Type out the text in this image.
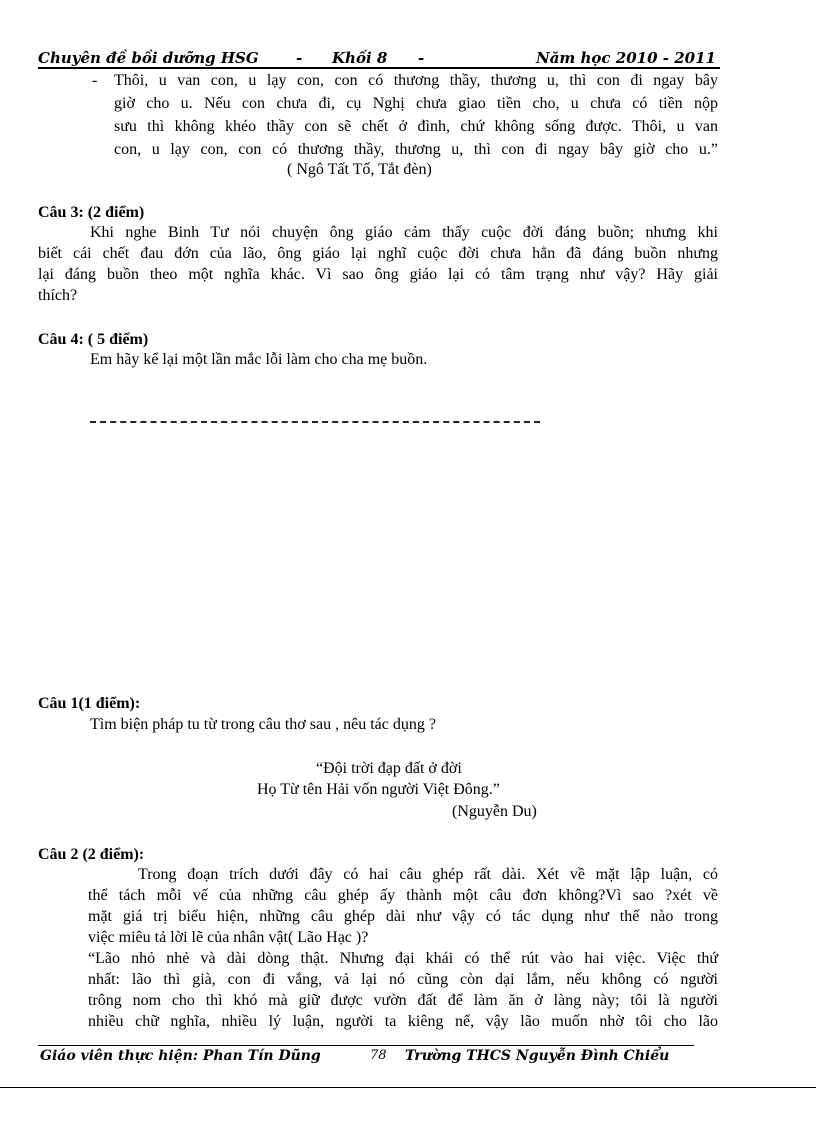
Chuyên đề bồi dưỡng HSG - Khối 8 -	Năm học 2010 - 2011
- Thôi, u van con, u lạy con, con có thương thầy, thương u, thì con đi ngay bây
giờ cho u. Nếu con chưa đi, cụ Nghị chưa giao tiền cho, u chưa có tiền nộp
sưu thì không khéo thầy con sẽ chết ở đình, chứ không sống được. Thôi, u van
con, u lạy con, con có thương thầy, thương u, thì con đi ngay bây giờ cho u.”
( Ngô Tất Tố, Tắt đèn)
Câu 3: (2 điểm)
Khi nghe Binh Tư nói chuyện ông giáo cảm thấy cuộc đời đáng buồn; nhưng khi
biết cái chết đau đớn của lão, ông giáo lại nghĩ cuộc đời chưa hẳn đã đáng buồn nhưng
lại đáng buồn theo một nghĩa khác. Vì sao ông giáo lại có tâm trạng như vậy? Hãy giải
thích?
Câu 4: ( 5 điểm)
Em hãy kể lại một lần mắc lỗi làm cho cha mẹ buồn.
Câu 1(1 điểm):
Tìm biện pháp tu từ trong câu thơ sau , nêu tác dụng ?
“Đội trời đạp đất ở đời
Họ Từ tên Hải vốn người Việt Đông.”
(Nguyễn Du)
Câu 2 (2 điểm):
Trong đoạn trích dưới đây có hai câu ghép rất dài. Xét về mặt lập luận, có
thể tách mỗi vế của những câu ghép ấy thành một câu đơn không?Vì sao ?xét về
mặt giá trị biểu hiện, những câu ghép dài như vậy có tác dụng như thế nào trong
việc miêu tả lời lẽ của nhân vật( Lão Hạc )?
“Lão nhỏ nhẻ và dài dòng thật. Nhưng đại khái có thể rút vào hai việc. Việc thứ
nhất: lão thì già, con đi vắng, vả lại nó cũng còn dại lắm, nếu không có người
trông nom cho thì khó mà giữ được vườn đất để làm ăn ở làng này; tôi là người
nhiều chữ nghĩa, nhiều lý luận, người ta kiêng nể, vậy lão muốn nhờ tôi cho lão
Giáo viên thực hiện: Phan Tín Dũng	78 Trường THCS Nguyễn Đình Chiểu
